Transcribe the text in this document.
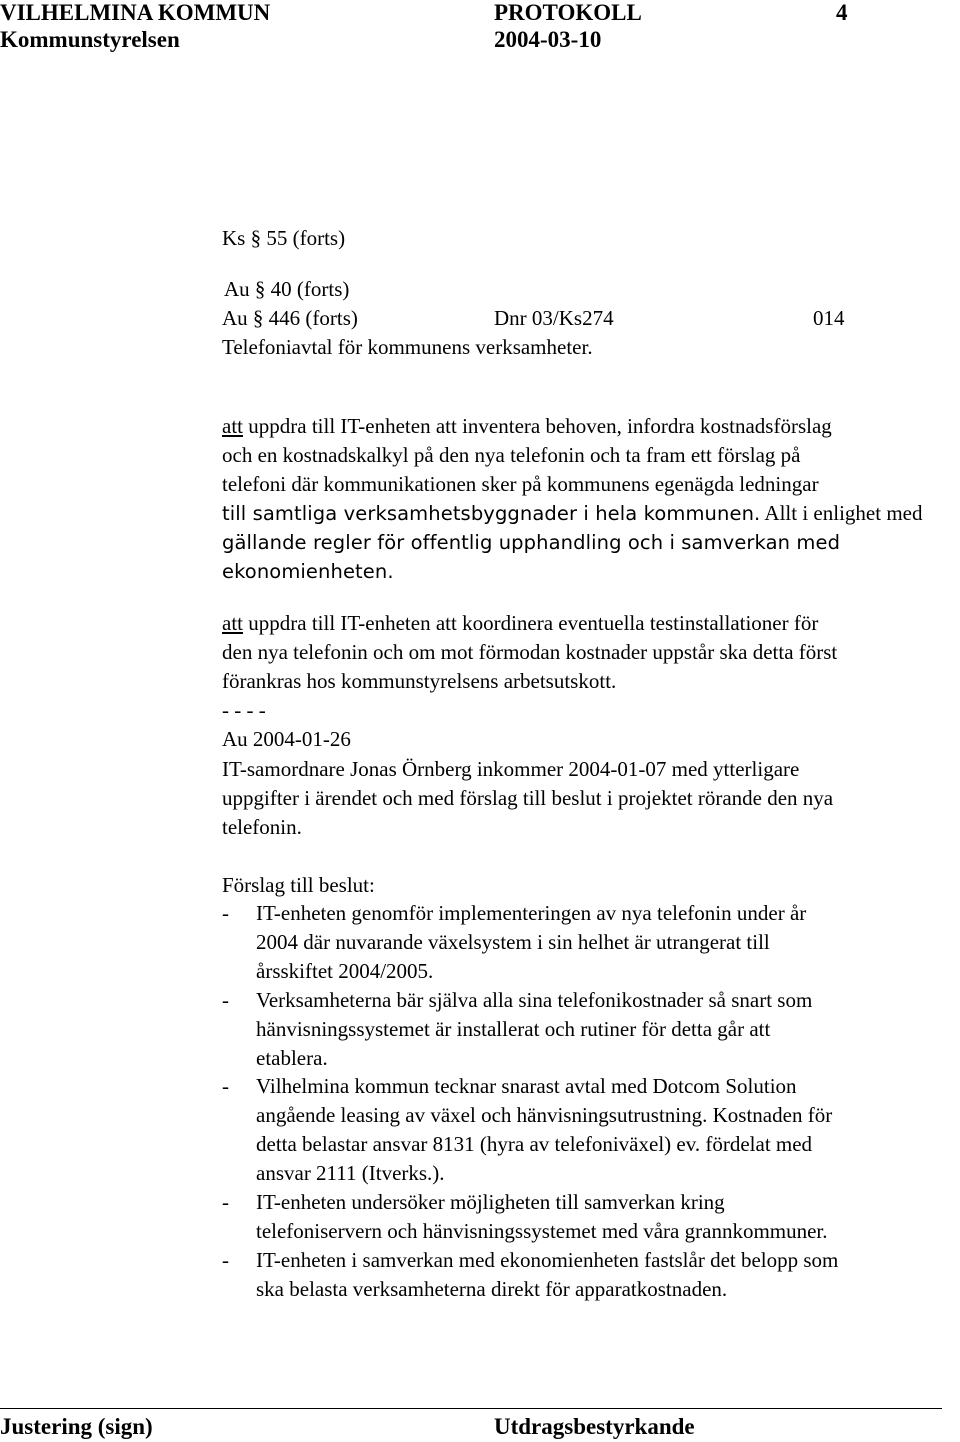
VILHELMINA KOMMUN	PROTOKOLL	4
Kommunstyrelsen	2004-03-10
Ks § 55 (forts)
Au § 40 (forts)
Au § 446 (forts)	Dnr 03/Ks274	014
Telefoniavtal för kommunens verksamheter.
att uppdra till IT-enheten att inventera behoven, infordra kostnadsförslag
och en kostnadskalkyl på den nya telefonin och ta fram ett förslag på
telefoni där kommunikationen sker på kommunens egenägda ledningar
till samtliga verksamhetsbyggnader i hela kommunen. Allt i enlighet med
gällande regler för offentlig upphandling och i samverkan med
ekonomienheten.
att uppdra till IT-enheten att koordinera eventuella testinstallationer för
den nya telefonin och om mot förmodan kostnader uppstår ska detta först
förankras hos kommunstyrelsens arbetsutskott.
- - - -
Au 2004-01-26
IT-samordnare Jonas Örnberg inkommer 2004-01-07 med ytterligare
uppgifter i ärendet och med förslag till beslut i projektet rörande den nya
telefonin.
Förslag till beslut:
- IT-enheten genomför implementeringen av nya telefonin under år
2004 där nuvarande växelsystem i sin helhet är utrangerat till
årsskiftet 2004/2005.
- Verksamheterna bär själva alla sina telefonikostnader så snart som
hänvisningssystemet är installerat och rutiner för detta går att
etablera.
- Vilhelmina kommun tecknar snarast avtal med Dotcom Solution
angående leasing av växel och hänvisningsutrustning. Kostnaden för
detta belastar ansvar 8131 (hyra av telefoniväxel) ev. fördelat med
ansvar 2111 (Itverks.).
- IT-enheten undersöker möjligheten till samverkan kring
telefoniservern och hänvisningssystemet med våra grannkommuner.
- IT-enheten i samverkan med ekonomienheten fastslår det belopp som
ska belasta verksamheterna direkt för apparatkostnaden.
Justering (sign)	Utdragsbestyrkande
